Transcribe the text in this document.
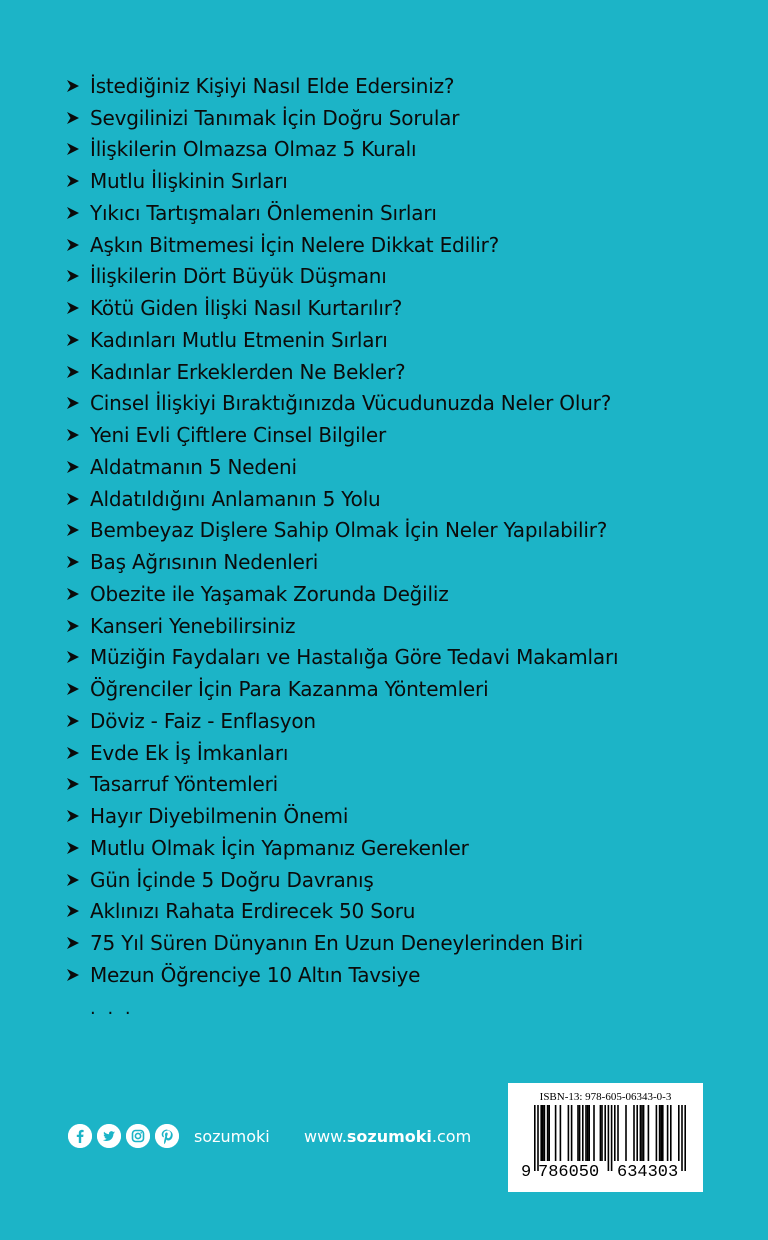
İstediğiniz Kişiyi Nasıl Elde Edersiniz?
Sevgilinizi Tanımak İçin Doğru Sorular
İlişkilerin Olmazsa Olmaz 5 Kuralı
Mutlu İlişkinin Sırları
Yıkıcı Tartışmaları Önlemenin Sırları
Aşkın Bitmemesi İçin Nelere Dikkat Edilir?
İlişkilerin Dört Büyük Düşmanı
Kötü Giden İlişki Nasıl Kurtarılır?
Kadınları Mutlu Etmenin Sırları
Kadınlar Erkeklerden Ne Bekler?
Cinsel İlişkiyi Bıraktığınızda Vücudunuzda Neler Olur?
Yeni Evli Çiftlere Cinsel Bilgiler
Aldatmanın 5 Nedeni
Aldatıldığını Anlamanın 5 Yolu
Bembeyaz Dişlere Sahip Olmak İçin Neler Yapılabilir?
Baş Ağrısının Nedenleri
Obezite ile Yaşamak Zorunda Değiliz
Kanseri Yenebilirsiniz
Müziğin Faydaları ve Hastalığa Göre Tedavi Makamları
Öğrenciler İçin Para Kazanma Yöntemleri
Döviz - Faiz - Enflasyon
Evde Ek İş İmkanları
Tasarruf Yöntemleri
Hayır Diyebilmenin Önemi
Mutlu Olmak İçin Yapmanız Gerekenler
Gün İçinde 5 Doğru Davranış
Aklınızı Rahata Erdirecek 50 Soru
75 Yıl Süren Dünyanın En Uzun Deneylerinden Biri
Mezun Öğrenciye 10 Altın Tavsiye
. . .
sozumoki www.sozumoki.com
ISBN-13: 978-605-06343-0-3
9 786050 634303
